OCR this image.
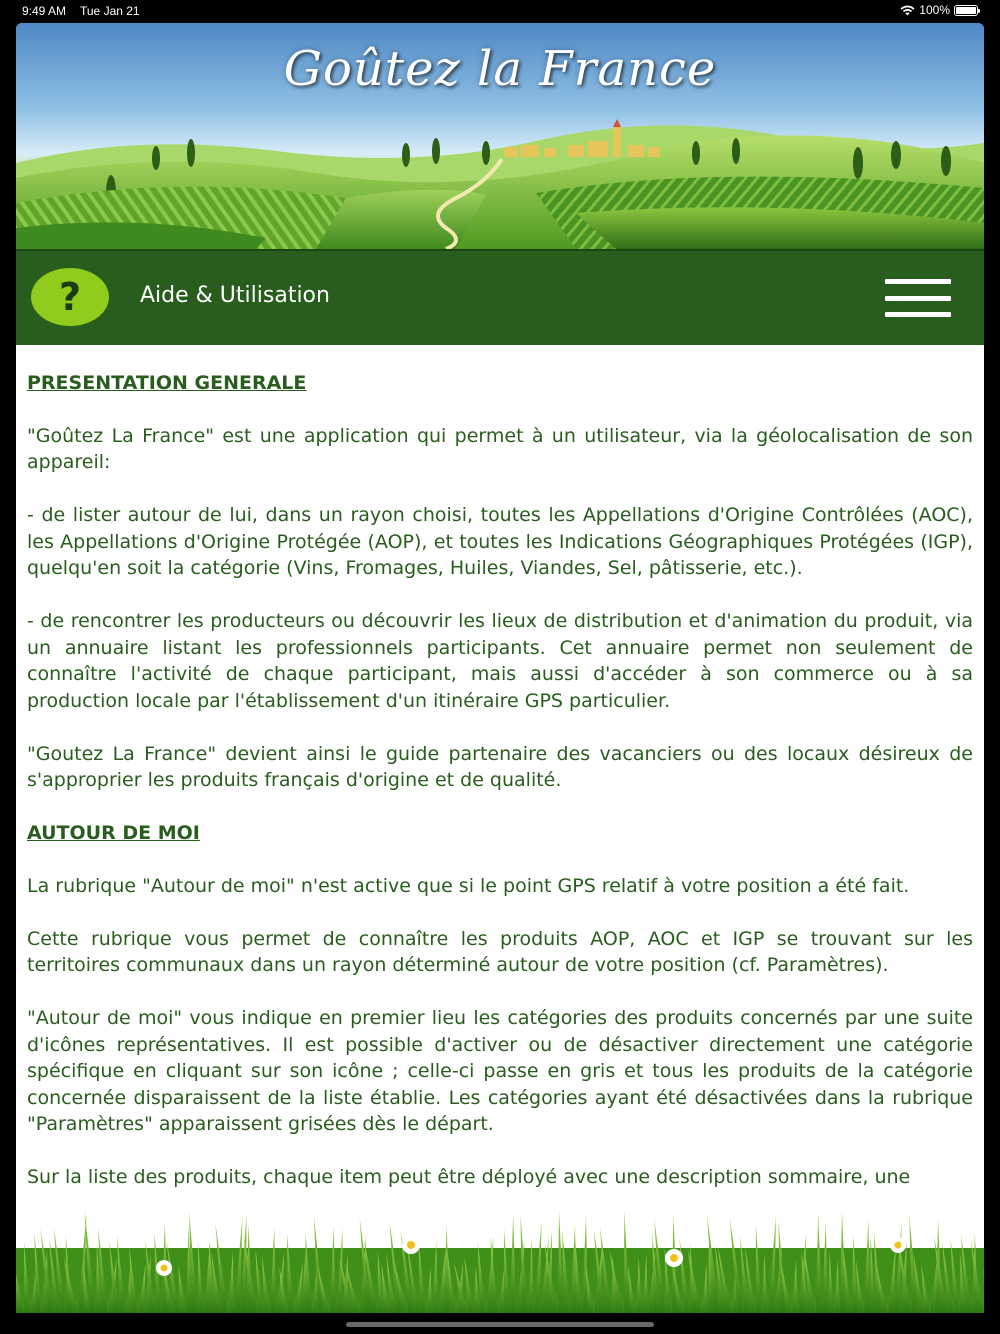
9:49 AM Tue Jan 21	100%
Goûtez la France
?	Aide & Utilisation
PRESENTATION GENERALE

"Goûtez La France" est une application qui permet à un utilisateur, via la géolocalisation de son appareil:

- de lister autour de lui, dans un rayon choisi, toutes les Appellations d'Origine Contrôlées (AOC), les Appellations d'Origine Protégée (AOP), et toutes les Indications Géographiques Protégées (IGP), quelqu'en soit la catégorie (Vins, Fromages, Huiles, Viandes, Sel, pâtisserie, etc.).

- de rencontrer les producteurs ou découvrir les lieux de distribution et d'animation du produit, via un annuaire listant les professionnels participants. Cet annuaire permet non seulement de connaître l'activité de chaque participant, mais aussi d'accéder à son commerce ou à sa production locale par l'établissement d'un itinéraire GPS particulier.

"Goutez La France" devient ainsi le guide partenaire des vacanciers ou des locaux désireux de s'approprier les produits français d'origine et de qualité.

AUTOUR DE MOI

La rubrique "Autour de moi" n'est active que si le point GPS relatif à votre position a été fait.

Cette rubrique vous permet de connaître les produits AOP, AOC et IGP se trouvant sur les territoires communaux dans un rayon déterminé autour de votre position (cf. Paramètres).

"Autour de moi" vous indique en premier lieu les catégories des produits concernés par une suite d'icônes représentatives. Il est possible d'activer ou de désactiver directement une catégorie spécifique en cliquant sur son icône ; celle-ci passe en gris et tous les produits de la catégorie concernée disparaissent de la liste établie. Les catégories ayant été désactivées dans la rubrique "Paramètres" apparaissent grisées dès le départ.

Sur la liste des produits, chaque item peut être déployé avec une description sommaire, une
